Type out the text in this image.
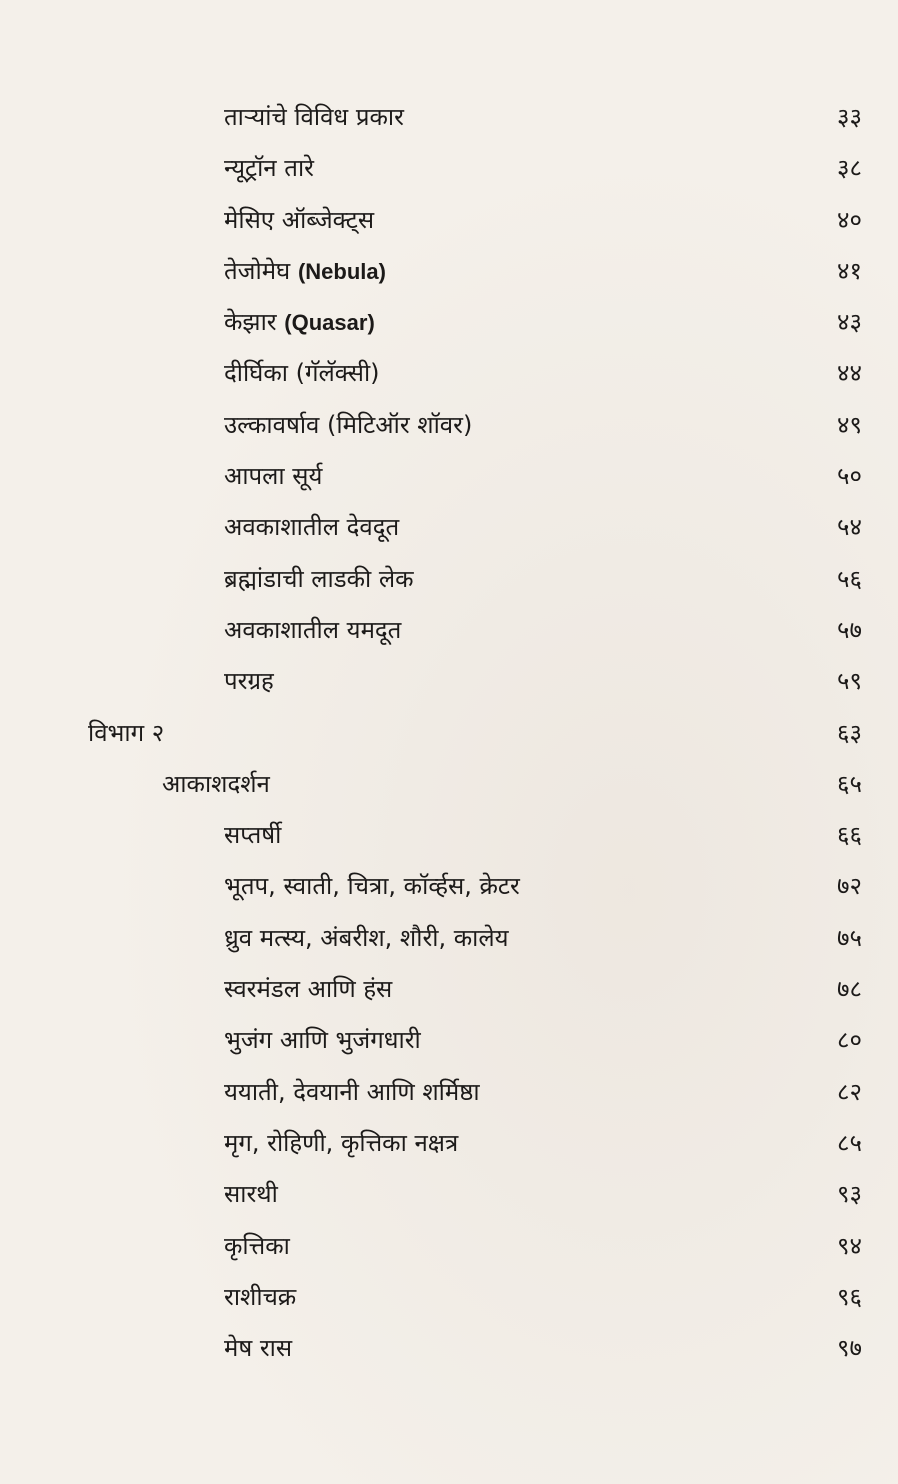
ताऱ्यांचे विविध प्रकार	३३
न्यूट्रॉन तारे	३८
मेसिए ऑब्जेक्ट्स	४०
तेजोमेघ (Nebula)	४१
केझार (Quasar)	४३
दीर्घिका (गॅलॅक्सी)	४४
उल्कावर्षाव (मिटिऑर शॉवर)	४९
आपला सूर्य	५०
अवकाशातील देवदूत	५४
ब्रह्मांडाची लाडकी लेक	५६
अवकाशातील यमदूत	५७
परग्रह	५९
विभाग २	६३
आकाशदर्शन	६५
सप्तर्षी	६६
भूतप, स्वाती, चित्रा, कॉर्व्हस, क्रेटर	७२
ध्रुव मत्स्य, अंबरीश, शौरी, कालेय	७५
स्वरमंडल आणि हंस	७८
भुजंग आणि भुजंगधारी	८०
ययाती, देवयानी आणि शर्मिष्ठा	८२
मृग, रोहिणी, कृत्तिका नक्षत्र	८५
सारथी	९३
कृत्तिका	९४
राशीचक्र	९६
मेष रास	९७
